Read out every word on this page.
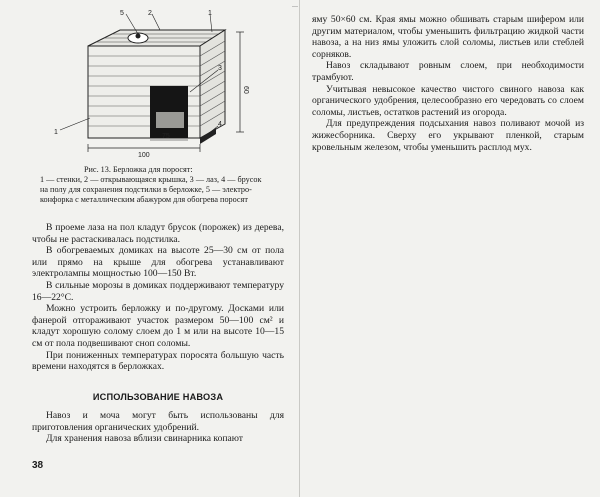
5	2	1
3
4
1
60
75
100
Рис. 13. Берложка для поросят:
1 — стенки, 2 — открывающаяся крышка, 3 — лаз, 4 — брусок
на полу для сохранения подстилки в берложке, 5 — электро-
конфорка с металлическим абажуром для обогрева поросят

В проеме лаза на пол кладут брусок (порожек) из дерева, чтобы не растаскивалась подстилка.

В обогреваемых домиках на высоте 25—30 см от пола или прямо на крыше для обогрева устанавливают электролампы мощностью 100—150 Вт.

В сильные морозы в домиках поддерживают температуру 16—22°C.

Можно устроить берложку и по-другому. Досками или фанерой отгораживают участок размером 50—100 см² и кладут хорошую солому слоем до 1 м или на высоте 10—15 см от пола подвешивают сноп соломы.

При пониженных температурах поросята большую часть времени находятся в берложках.

ИСПОЛЬЗОВАНИЕ НАВОЗА

Навоз и моча могут быть использованы для приготовления органических удобрений.

Для хранения навоза вблизи свинарника копают

38
...

яму 50×60 см. Края ямы можно обшивать старым шифером или другим материалом, чтобы уменьшить фильтрацию жидкой части навоза, а на низ ямы уложить слой соломы, листьев или стеблей сорняков.

Навоз складывают ровным слоем, при необходимости трамбуют.

Учитывая невысокое качество чистого свиного навоза как органического удобрения, целесообразно его чередовать со слоем соломы, листьев, остатков растений из огорода.

Для предупреждения подсыхания навоз поливают мочой из жижесборника. Сверху его укрывают пленкой, старым кровельным железом, чтобы уменьшить расплод мух.
